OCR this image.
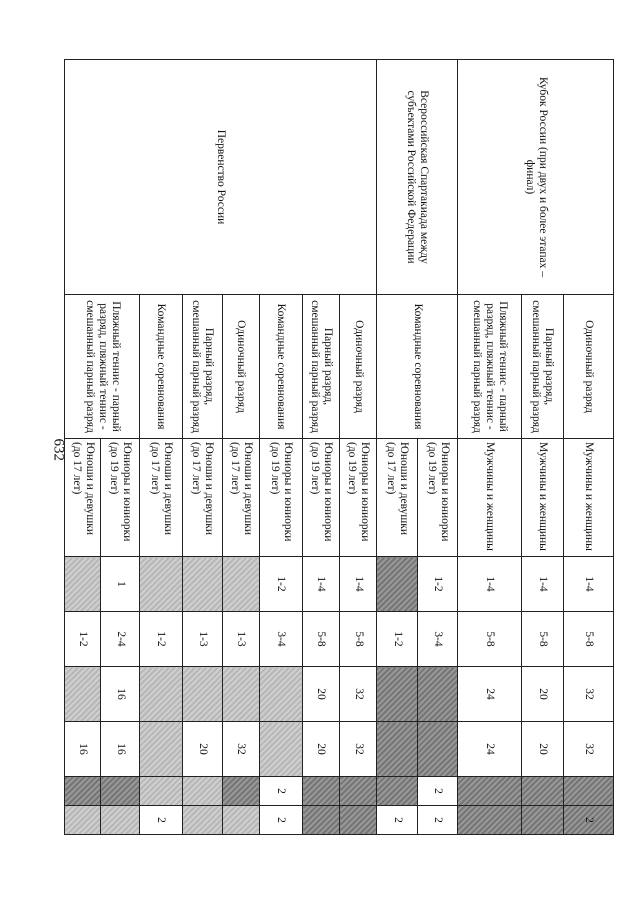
632
Кубок России (при двух и более этапах – финал)	Одиночный разряд	Мужчины и женщины	1-4	5-8	32	32		2
	Парный разряд, смешанный парный разряд	Мужчины и женщины	1-4	5-8	20	20		
	Пляжный теннис - парный разряд, пляжный теннис - смешанный парный разряд	Мужчины и женщины	1-4	5-8	24	24		
Всероссийская Спартакиада между субъектами Российской Федерации	Командные соревнования	Юниоры и юниорки (до 19 лет)	1-2	3-4			2	2
		Юноши и девушки (до 17 лет)		1-2				2
Первенство России	Одиночный разряд	Юниоры и юниорки (до 19 лет)	1-4	5-8	32	32		
	Парный разряд, смешанный парный разряд	Юниоры и юниорки (до 19 лет)	1-4	5-8	20	20		
	Командные соревнования	Юниоры и юниорки (до 19 лет)	1-2	3-4			2	2
	Одиночный разряд	Юноши и девушки (до 17 лет)		1-3		32		
	Парный разряд, смешанный парный разряд	Юноши и девушки (до 17 лет)		1-3		20		
	Командные соревнования	Юноши и девушки (до 17 лет)		1-2				2
	Пляжный теннис - парный разряд, пляжный теннис - смешанный парный разряд	Юниоры и юниорки (до 19 лет)	1	2-4	16	16		
		Юноши и девушки (до 17 лет)		1-2		16		
